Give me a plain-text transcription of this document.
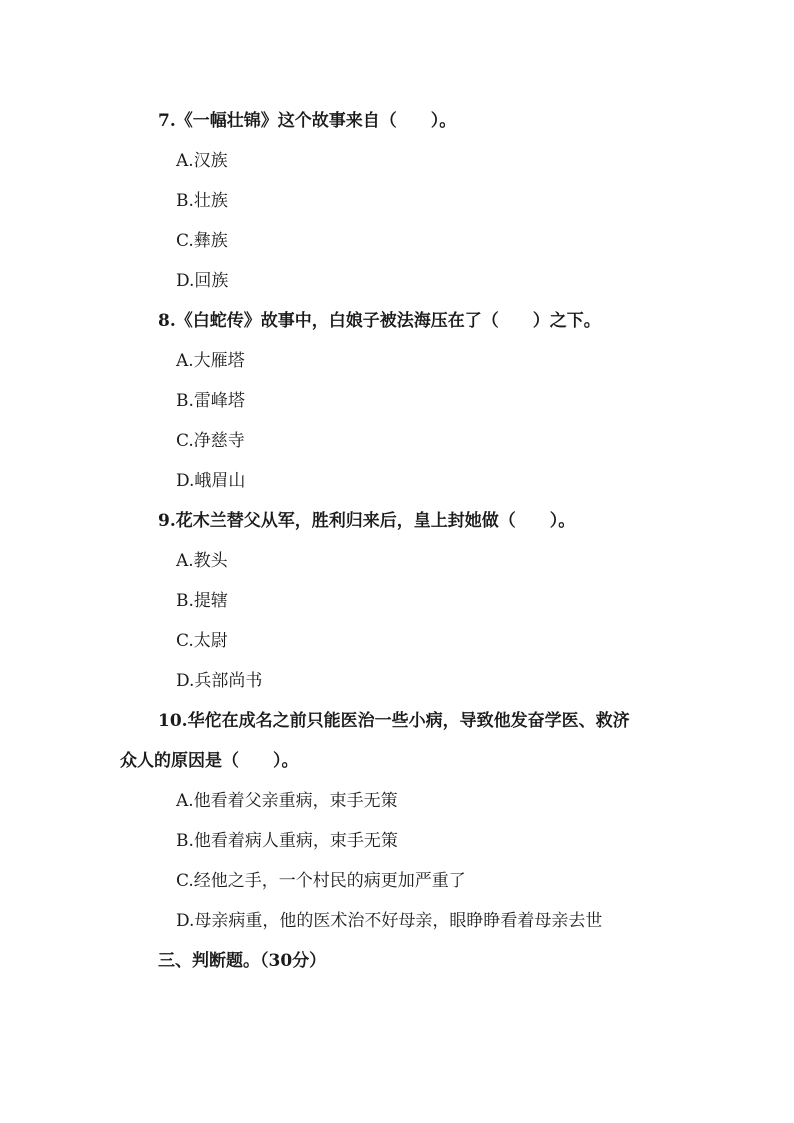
7.《一幅壮锦》这个故事来自（　　）。
A.汉族
B.壮族
C.彝族
D.回族
8.《白蛇传》故事中，白娘子被法海压在了（　　）之下。
A.大雁塔
B.雷峰塔
C.净慈寺
D.峨眉山
9.花木兰替父从军，胜利归来后，皇上封她做（　　）。
A.教头
B.提辖
C.太尉
D.兵部尚书
10.华佗在成名之前只能医治一些小病，导致他发奋学医、救济
众人的原因是（　　）。
A.他看着父亲重病，束手无策
B.他看着病人重病，束手无策
C.经他之手，一个村民的病更加严重了
D.母亲病重，他的医术治不好母亲，眼睁睁看着母亲去世
三、判断题。（30分）
